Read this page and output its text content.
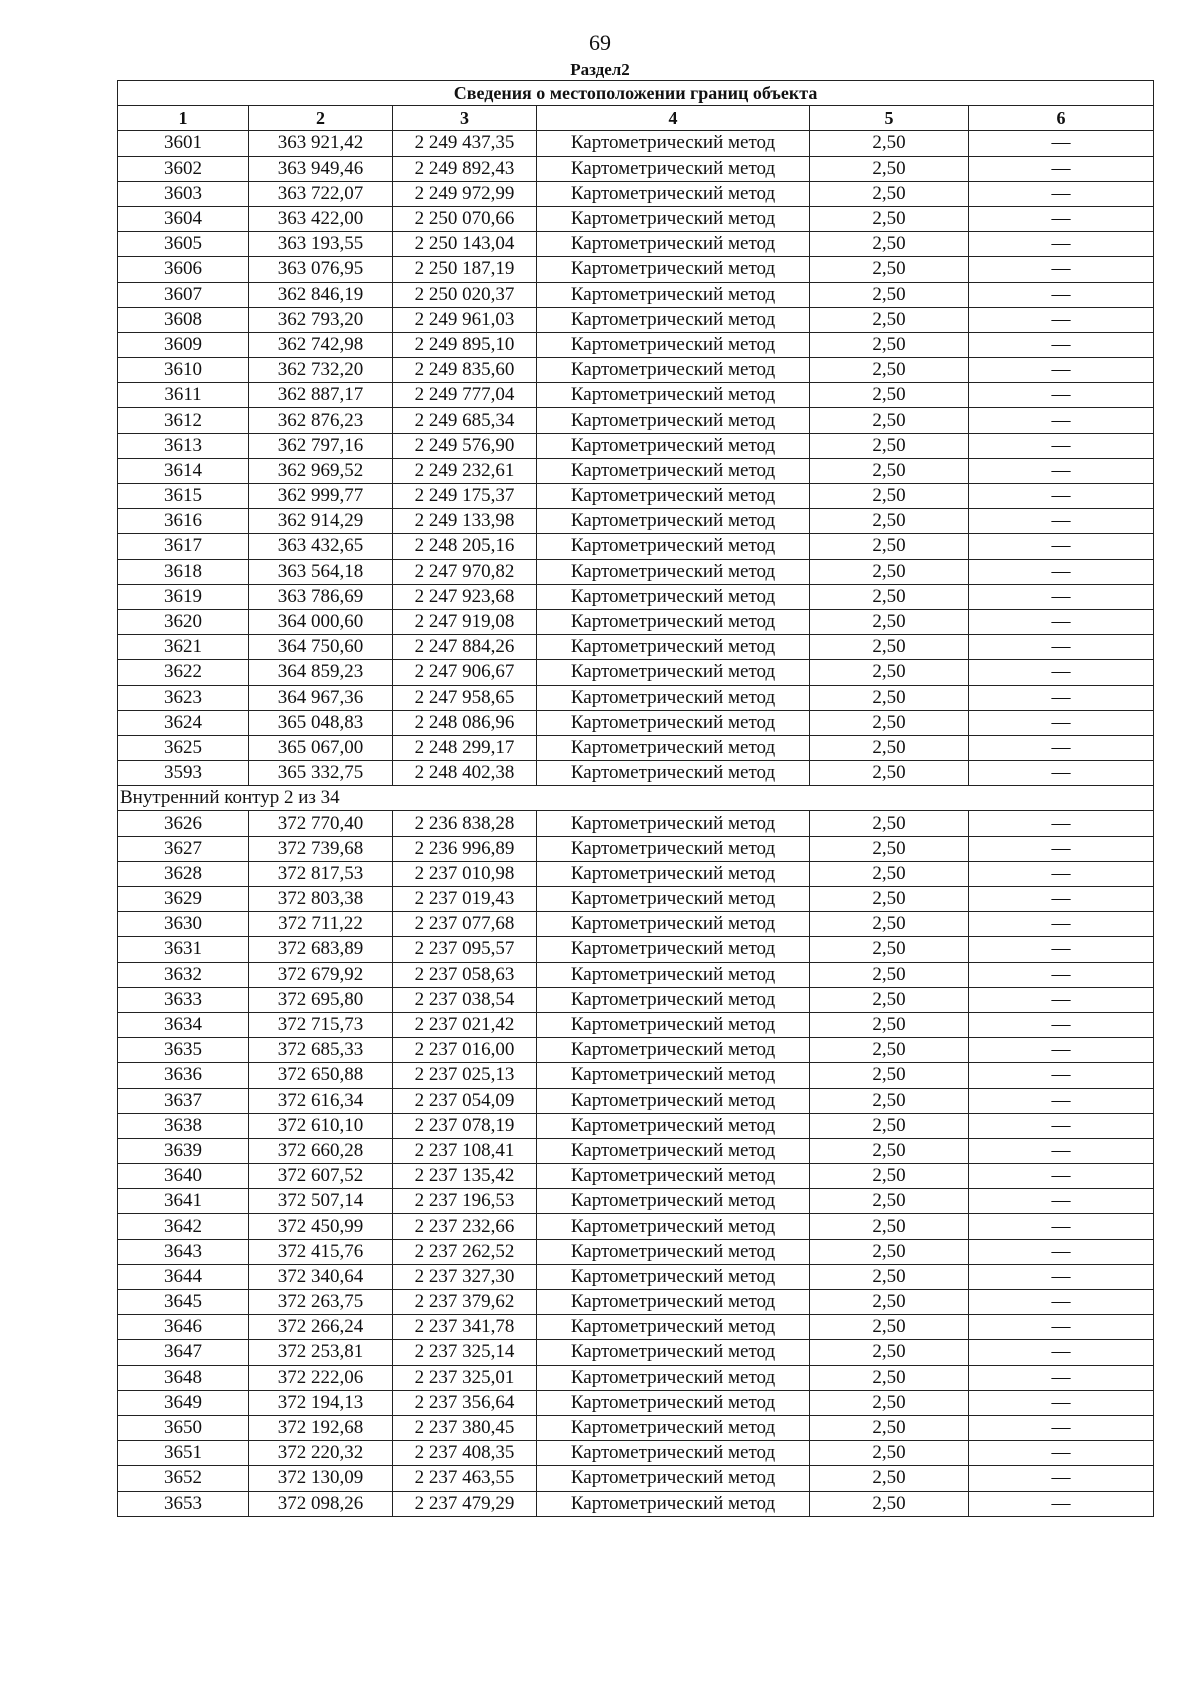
69
Раздел2
Сведения о местоположении границ объекта					
1	2	3	4	5	6
3601	363 921,42	2 249 437,35	Картометрический метод	2,50	—
3602	363 949,46	2 249 892,43	Картометрический метод	2,50	—
3603	363 722,07	2 249 972,99	Картометрический метод	2,50	—
3604	363 422,00	2 250 070,66	Картометрический метод	2,50	—
3605	363 193,55	2 250 143,04	Картометрический метод	2,50	—
3606	363 076,95	2 250 187,19	Картометрический метод	2,50	—
3607	362 846,19	2 250 020,37	Картометрический метод	2,50	—
3608	362 793,20	2 249 961,03	Картометрический метод	2,50	—
3609	362 742,98	2 249 895,10	Картометрический метод	2,50	—
3610	362 732,20	2 249 835,60	Картометрический метод	2,50	—
3611	362 887,17	2 249 777,04	Картометрический метод	2,50	—
3612	362 876,23	2 249 685,34	Картометрический метод	2,50	—
3613	362 797,16	2 249 576,90	Картометрический метод	2,50	—
3614	362 969,52	2 249 232,61	Картометрический метод	2,50	—
3615	362 999,77	2 249 175,37	Картометрический метод	2,50	—
3616	362 914,29	2 249 133,98	Картометрический метод	2,50	—
3617	363 432,65	2 248 205,16	Картометрический метод	2,50	—
3618	363 564,18	2 247 970,82	Картометрический метод	2,50	—
3619	363 786,69	2 247 923,68	Картометрический метод	2,50	—
3620	364 000,60	2 247 919,08	Картометрический метод	2,50	—
3621	364 750,60	2 247 884,26	Картометрический метод	2,50	—
3622	364 859,23	2 247 906,67	Картометрический метод	2,50	—
3623	364 967,36	2 247 958,65	Картометрический метод	2,50	—
3624	365 048,83	2 248 086,96	Картометрический метод	2,50	—
3625	365 067,00	2 248 299,17	Картометрический метод	2,50	—
3593	365 332,75	2 248 402,38	Картометрический метод	2,50	—
Внутренний контур 2 из 34					
3626	372 770,40	2 236 838,28	Картометрический метод	2,50	—
3627	372 739,68	2 236 996,89	Картометрический метод	2,50	—
3628	372 817,53	2 237 010,98	Картометрический метод	2,50	—
3629	372 803,38	2 237 019,43	Картометрический метод	2,50	—
3630	372 711,22	2 237 077,68	Картометрический метод	2,50	—
3631	372 683,89	2 237 095,57	Картометрический метод	2,50	—
3632	372 679,92	2 237 058,63	Картометрический метод	2,50	—
3633	372 695,80	2 237 038,54	Картометрический метод	2,50	—
3634	372 715,73	2 237 021,42	Картометрический метод	2,50	—
3635	372 685,33	2 237 016,00	Картометрический метод	2,50	—
3636	372 650,88	2 237 025,13	Картометрический метод	2,50	—
3637	372 616,34	2 237 054,09	Картометрический метод	2,50	—
3638	372 610,10	2 237 078,19	Картометрический метод	2,50	—
3639	372 660,28	2 237 108,41	Картометрический метод	2,50	—
3640	372 607,52	2 237 135,42	Картометрический метод	2,50	—
3641	372 507,14	2 237 196,53	Картометрический метод	2,50	—
3642	372 450,99	2 237 232,66	Картометрический метод	2,50	—
3643	372 415,76	2 237 262,52	Картометрический метод	2,50	—
3644	372 340,64	2 237 327,30	Картометрический метод	2,50	—
3645	372 263,75	2 237 379,62	Картометрический метод	2,50	—
3646	372 266,24	2 237 341,78	Картометрический метод	2,50	—
3647	372 253,81	2 237 325,14	Картометрический метод	2,50	—
3648	372 222,06	2 237 325,01	Картометрический метод	2,50	—
3649	372 194,13	2 237 356,64	Картометрический метод	2,50	—
3650	372 192,68	2 237 380,45	Картометрический метод	2,50	—
3651	372 220,32	2 237 408,35	Картометрический метод	2,50	—
3652	372 130,09	2 237 463,55	Картометрический метод	2,50	—
3653	372 098,26	2 237 479,29	Картометрический метод	2,50	—
